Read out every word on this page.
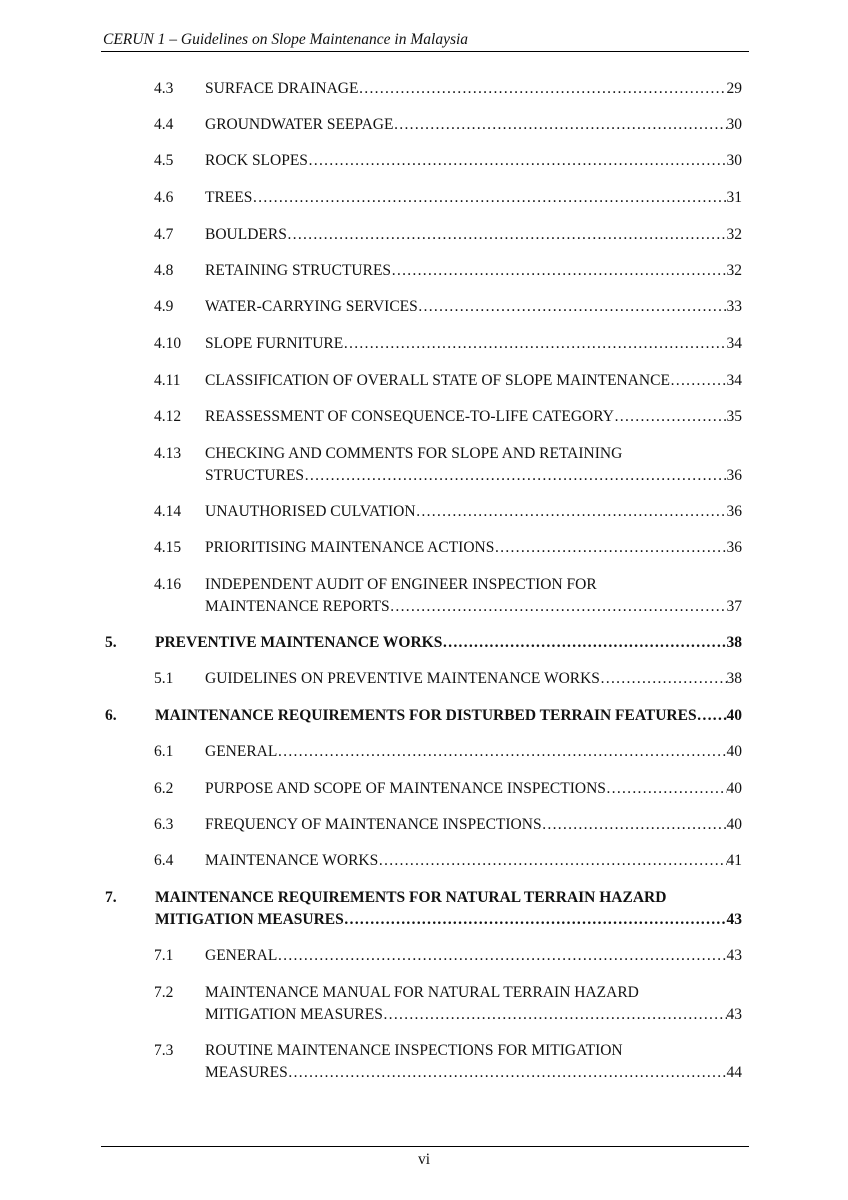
CERUN 1 – Guidelines on Slope Maintenance in Malaysia
4.3 SURFACE DRAINAGE …………………………………………………………………………………………………………………………………………………………………………………………	29
4.4 GROUNDWATER SEEPAGE …………………………………………………………………………………………………………………………………………………………………………………………	30
4.5 ROCK SLOPES …………………………………………………………………………………………………………………………………………………………………………………………	30
4.6 TREES …………………………………………………………………………………………………………………………………………………………………………………………	31
4.7 BOULDERS …………………………………………………………………………………………………………………………………………………………………………………………	32
4.8 RETAINING STRUCTURES …………………………………………………………………………………………………………………………………………………………………………………………	32
4.9 WATER-CARRYING SERVICES …………………………………………………………………………………………………………………………………………………………………………………………	33
4.10 SLOPE FURNITURE …………………………………………………………………………………………………………………………………………………………………………………………	34
4.11 CLASSIFICATION OF OVERALL STATE OF SLOPE MAINTENANCE …………………………………………………………………………………………………………………………………………………………………………………………	34
4.12 REASSESSMENT OF CONSEQUENCE-TO-LIFE CATEGORY …………………………………………………………………………………………………………………………………………………………………………………………	35
4.13 CHECKING AND COMMENTS FOR SLOPE AND RETAINING
STRUCTURES …………………………………………………………………………………………………………………………………………………………………………………………	36
4.14 UNAUTHORISED CULVATION …………………………………………………………………………………………………………………………………………………………………………………………	36
4.15 PRIORITISING MAINTENANCE ACTIONS …………………………………………………………………………………………………………………………………………………………………………………………	36
4.16 INDEPENDENT AUDIT OF ENGINEER INSPECTION FOR
MAINTENANCE REPORTS …………………………………………………………………………………………………………………………………………………………………………………………	37
5. PREVENTIVE MAINTENANCE WORKS …………………………………………………………………………………………………………………………………………………………………………………………	38
5.1 GUIDELINES ON PREVENTIVE MAINTENANCE WORKS …………………………………………………………………………………………………………………………………………………………………………………………	38
6. MAINTENANCE REQUIREMENTS FOR DISTURBED TERRAIN FEATURES ………………………………………………………………………………………………………………………………………………………………………………………… 40
6.1 GENERAL …………………………………………………………………………………………………………………………………………………………………………………………	40
6.2 PURPOSE AND SCOPE OF MAINTENANCE INSPECTIONS …………………………………………………………………………………………………………………………………………………………………………………………	40
6.3 FREQUENCY OF MAINTENANCE INSPECTIONS …………………………………………………………………………………………………………………………………………………………………………………………	40
6.4 MAINTENANCE WORKS …………………………………………………………………………………………………………………………………………………………………………………………	41
7. MAINTENANCE REQUIREMENTS FOR NATURAL TERRAIN HAZARD
MITIGATION MEASURES …………………………………………………………………………………………………………………………………………………………………………………………	43
7.1 GENERAL …………………………………………………………………………………………………………………………………………………………………………………………	43
7.2 MAINTENANCE MANUAL FOR NATURAL TERRAIN HAZARD
MITIGATION MEASURES …………………………………………………………………………………………………………………………………………………………………………………………	43
7.3 ROUTINE MAINTENANCE INSPECTIONS FOR MITIGATION
MEASURES …………………………………………………………………………………………………………………………………………………………………………………………	44
vi
